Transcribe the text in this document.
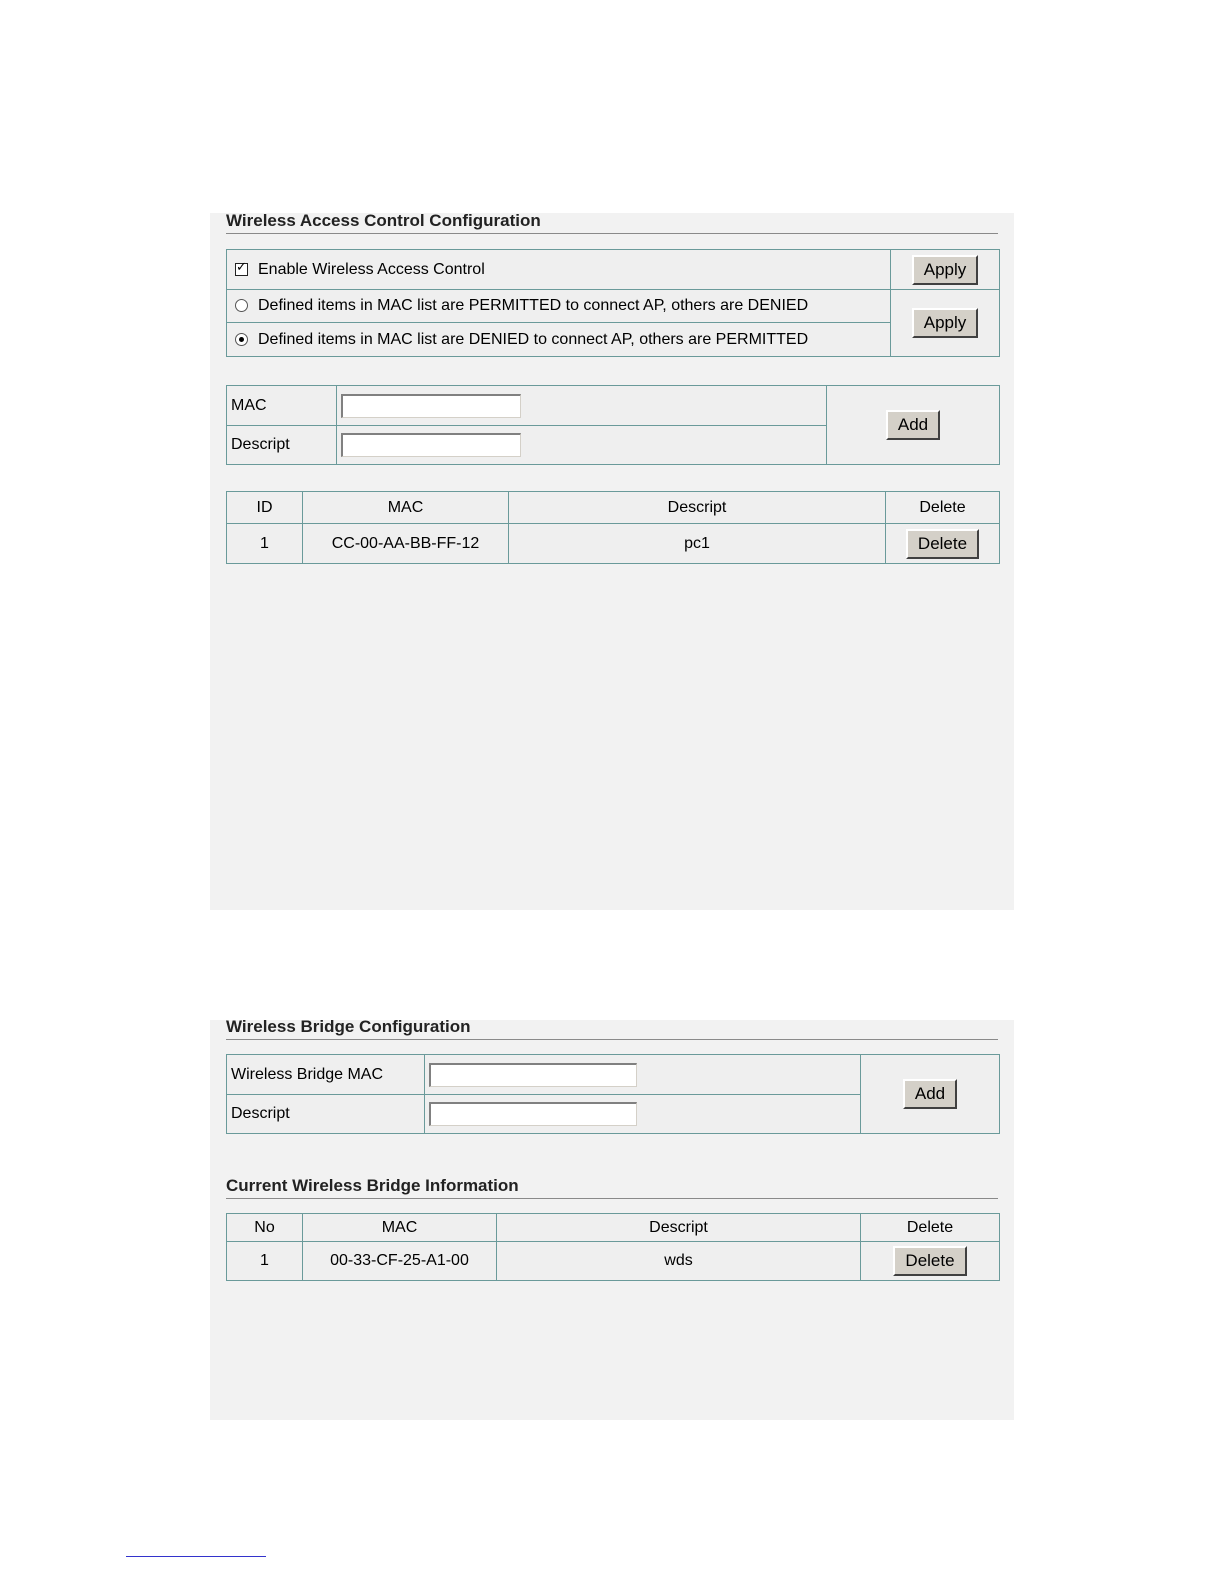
Wireless Access Control Configuration
✓ Enable Wireless Access Control	Apply
Defined items in MAC list are PERMITTED to connect AP, others are DENIED	Apply
Defined items in MAC list are DENIED to connect AP, others are PERMITTED	
MAC		Add
Descript	
ID	MAC	Descript	Delete
1	CC-00-AA-BB-FF-12	pc1	Delete
Wireless Bridge Configuration
Wireless Bridge MAC		Add
Descript	
Current Wireless Bridge Information
No	MAC	Descript	Delete
1	00-33-CF-25-A1-00	wds	Delete
